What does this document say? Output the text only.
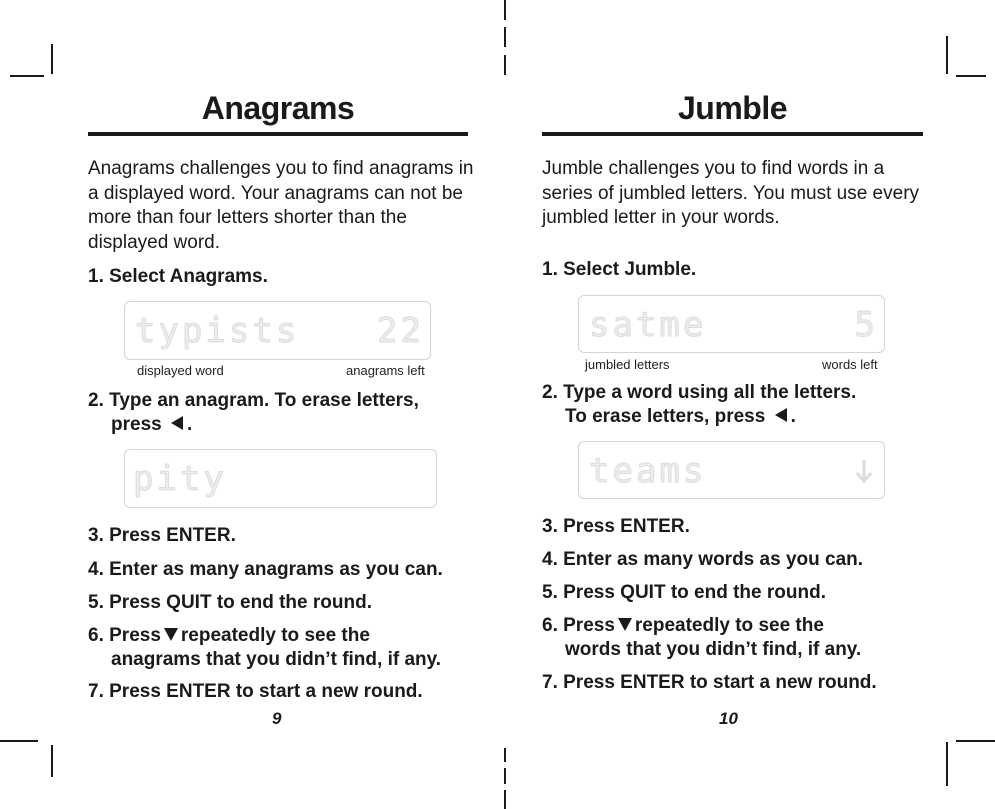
Anagrams

Anagrams challenges you to find anagrams in a displayed word. Your anagrams can not be more than four letters shorter than the displayed word.

1. Select Anagrams.

typists 22
displayed word	anagrams left
2. Type an anagram. To erase letters,
press .
pity

3. Press ENTER.

4. Enter as many anagrams as you can.

5. Press QUIT to end the round.

6. Press repeatedly to see the
anagrams that you didn’t find, if any.

7. Press ENTER to start a new round.

9
Jumble

Jumble challenges you to find words in a series of jumbled letters. You must use every jumbled letter in your words.

1. Select Jumble.

satme	5
jumbled letters	words left
2. Type a word using all the letters.
To erase letters, press .
teams

3. Press ENTER.

4. Enter as many words as you can.

5. Press QUIT to end the round.

6. Press repeatedly to see the
words that you didn’t find, if any.

7. Press ENTER to start a new round.

10
